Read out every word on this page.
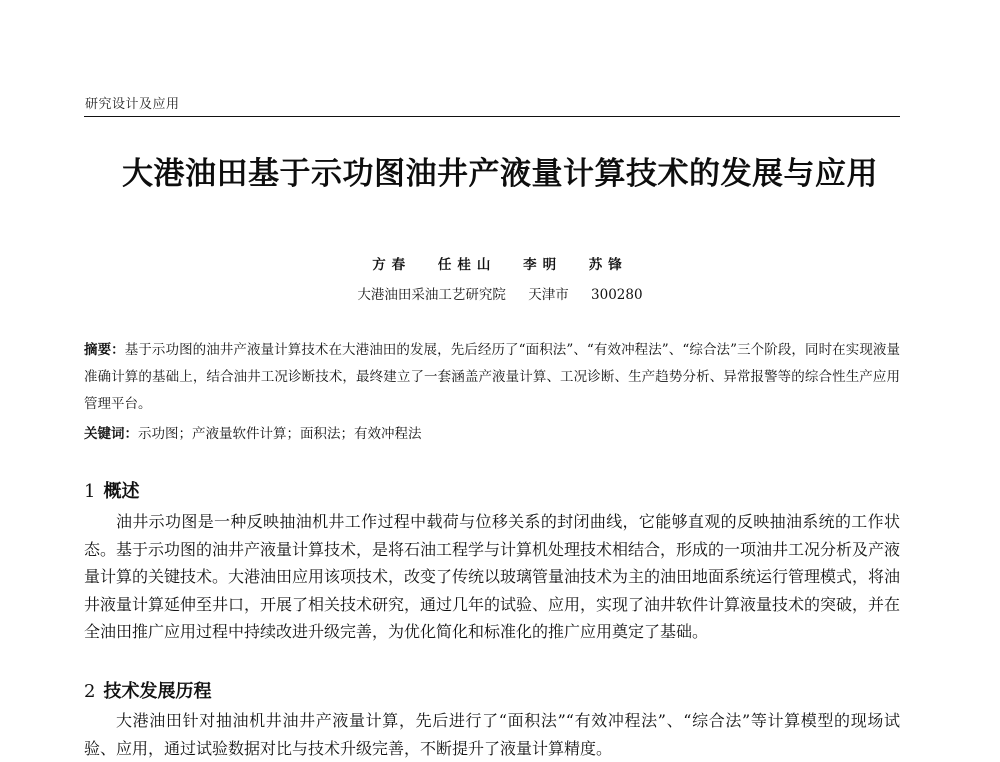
研究设计及应用
大港油田基于示功图油井产液量计算技术的发展与应用
方春 任桂山 李明 苏锋
大港油田采油工艺研究院 天津市 300280

摘要：基于示功图的油井产液量计算技术在大港油田的发展，先后经历了“面积法”、“有效冲程法”、“综合法”三个阶段，同时在实现液量准确计算的基础上，结合油井工况诊断技术，最终建立了一套涵盖产液量计算、工况诊断、生产趋势分析、异常报警等的综合性生产应用管理平台。

关键词：示功图；产液量软件计算；面积法；有效冲程法

1 概述

油井示功图是一种反映抽油机井工作过程中载荷与位移关系的封闭曲线，它能够直观的反映抽油系统的工作状态。基于示功图的油井产液量计算技术，是将石油工程学与计算机处理技术相结合，形成的一项油井工况分析及产液量计算的关键技术。大港油田应用该项技术，改变了传统以玻璃管量油技术为主的油田地面系统运行管理模式，将油井液量计算延伸至井口，开展了相关技术研究，通过几年的试验、应用，实现了油井软件计算液量技术的突破，并在全油田推广应用过程中持续改进升级完善，为优化简化和标准化的推广应用奠定了基础。

2 技术发展历程

大港油田针对抽油机井油井产液量计算，先后进行了“面积法”“有效冲程法”、“综合法”等计算模型的现场试验、应用，通过试验数据对比与技术升级完善，不断提升了液量计算精度。
